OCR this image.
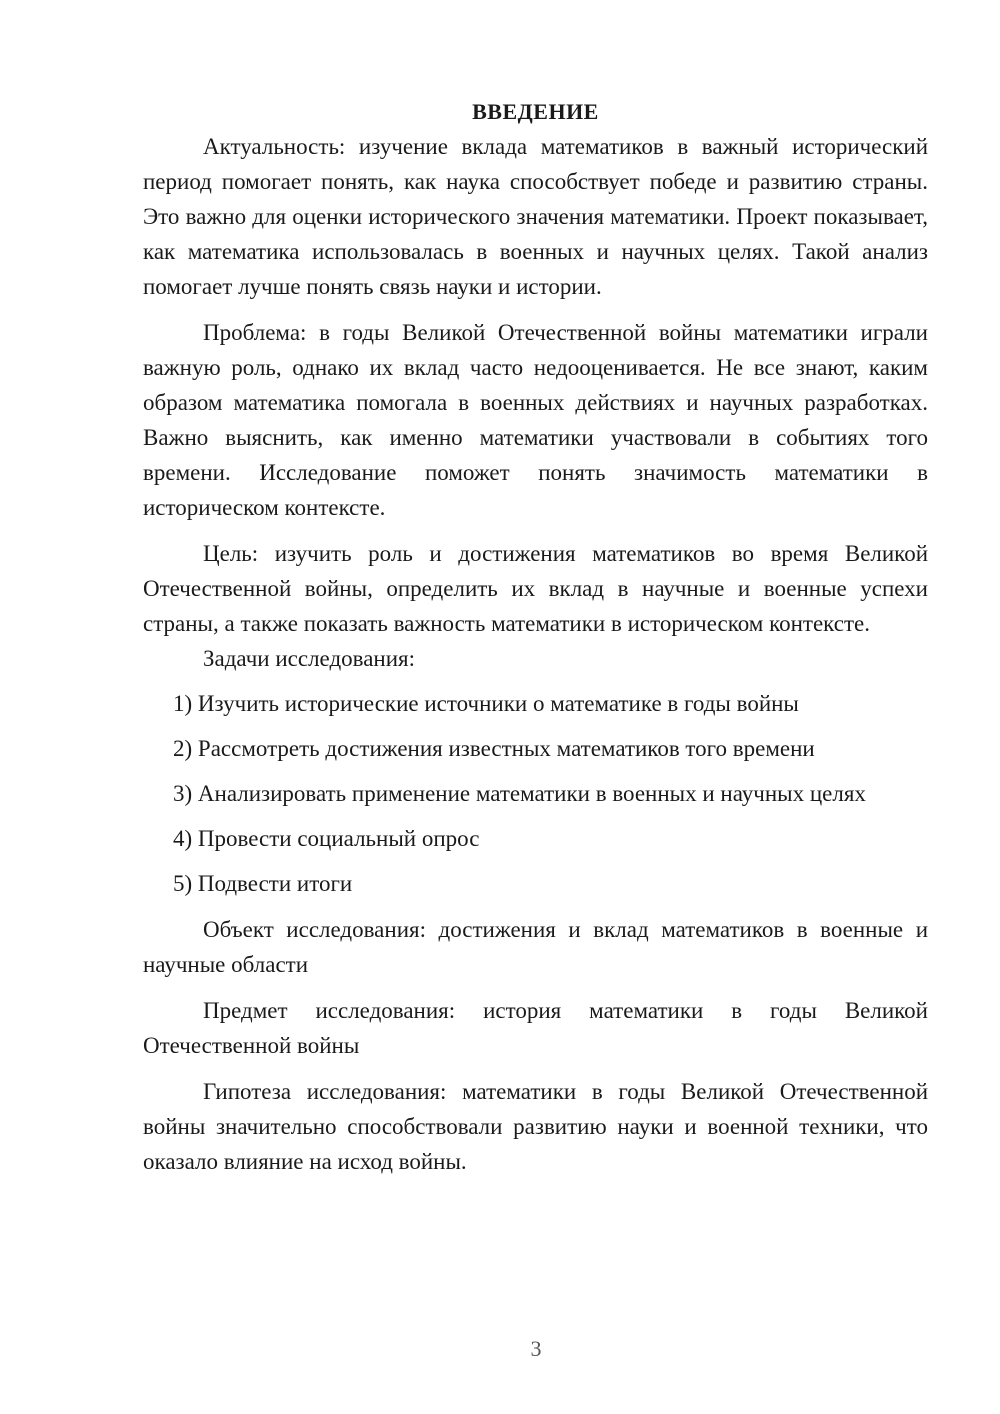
ВВЕДЕНИЕ

Актуальность: изучение вклада математиков в важный исторический период помогает понять, как наука способствует победе и развитию страны. Это важно для оценки исторического значения математики. Проект показывает, как математика использовалась в военных и научных целях. Такой анализ помогает лучше понять связь науки и истории.

Проблема: в годы Великой Отечественной войны математики играли важную роль, однако их вклад часто недооценивается. Не все знают, каким образом математика помогала в военных действиях и научных разработках. Важно выяснить, как именно математики участвовали в событиях того времени. Исследование поможет понять значимость математики в историческом контексте.

Цель: изучить роль и достижения математиков во время Великой Отечественной войны, определить их вклад в научные и военные успехи страны, а также показать важность математики в историческом контексте.

Задачи исследования:

1) Изучить исторические источники о математике в годы войны
2) Рассмотреть достижения известных математиков того времени
3) Анализировать применение математики в военных и научных целях
4) Провести социальный опрос
5) Подвести итоги

Объект исследования: достижения и вклад математиков в военные и научные области

Предмет исследования: история математики в годы Великой Отечественной войны

Гипотеза исследования: математики в годы Великой Отечественной войны значительно способствовали развитию науки и военной техники, что оказало влияние на исход войны.

3
